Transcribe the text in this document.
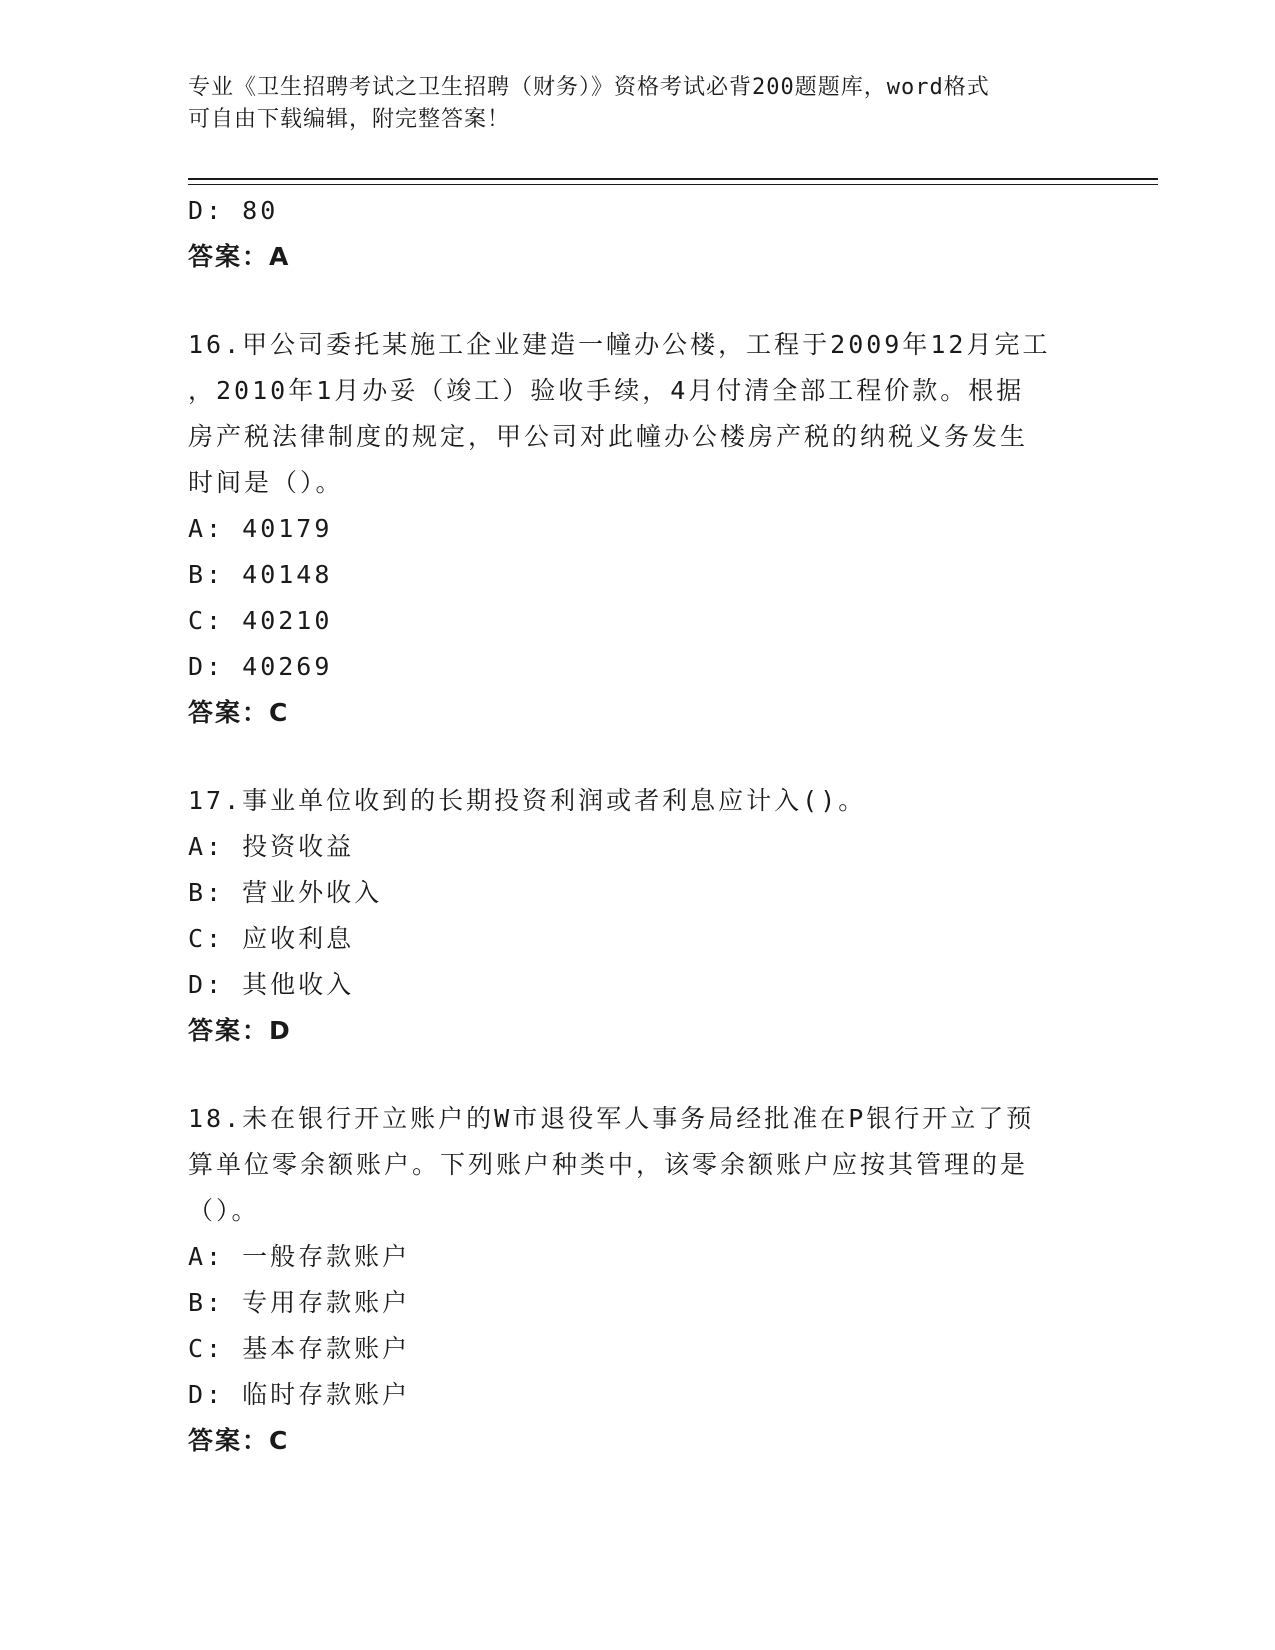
专业《卫生招聘考试之卫生招聘（财务）》资格考试必背200题题库，word格式
可自由下载编辑，附完整答案！
D: 80
答案：A
16.甲公司委托某施工企业建造一幢办公楼，工程于2009年12月完工
，2010年1月办妥（竣工）验收手续，4月付清全部工程价款。根据
房产税法律制度的规定，甲公司对此幢办公楼房产税的纳税义务发生
时间是（）。
A: 40179
B: 40148
C: 40210
D: 40269
答案：C
17.事业单位收到的长期投资利润或者利息应计入()。
A: 投资收益
B: 营业外收入
C: 应收利息
D: 其他收入
答案：D
18.未在银行开立账户的W市退役军人事务局经批准在P银行开立了预
算单位零余额账户。下列账户种类中，该零余额账户应按其管理的是
（）。
A: 一般存款账户
B: 专用存款账户
C: 基本存款账户
D: 临时存款账户
答案：C
